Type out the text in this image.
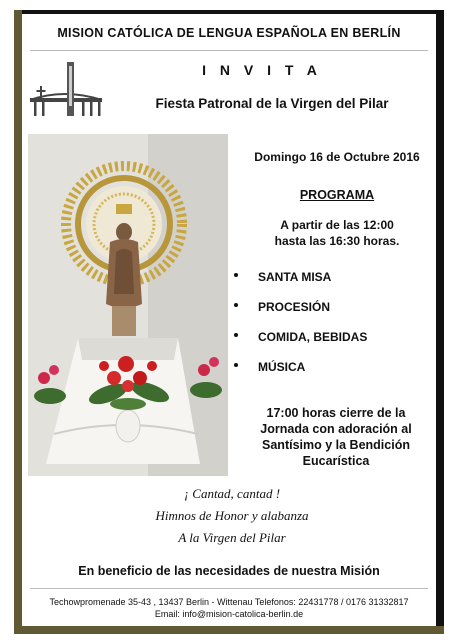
MISION CATÓLICA DE LENGUA ESPAÑOLA EN BERLÍN
I N V I T A
Fiesta Patronal de la Virgen del Pilar
Domingo 16 de Octubre 2016
PROGRAMA
A partir de las 12:00
hasta las 16:30 horas.
SANTA MISA
PROCESIÓN
COMIDA, BEBIDAS
MÚSICA
17:00 horas cierre de la
Jornada con adoración al
Santísimo y la Bendición
Eucarística
¡ Cantad, cantad !
Himnos de Honor y alabanza
A la Virgen del Pilar
En beneficio de las necesidades de nuestra Misión
Techowpromenade 35-43 , 13437 Berlin - Wittenau Telefonos: 22431778 / 0176 31332817
Email: info@mision-catolica-berlin.de
